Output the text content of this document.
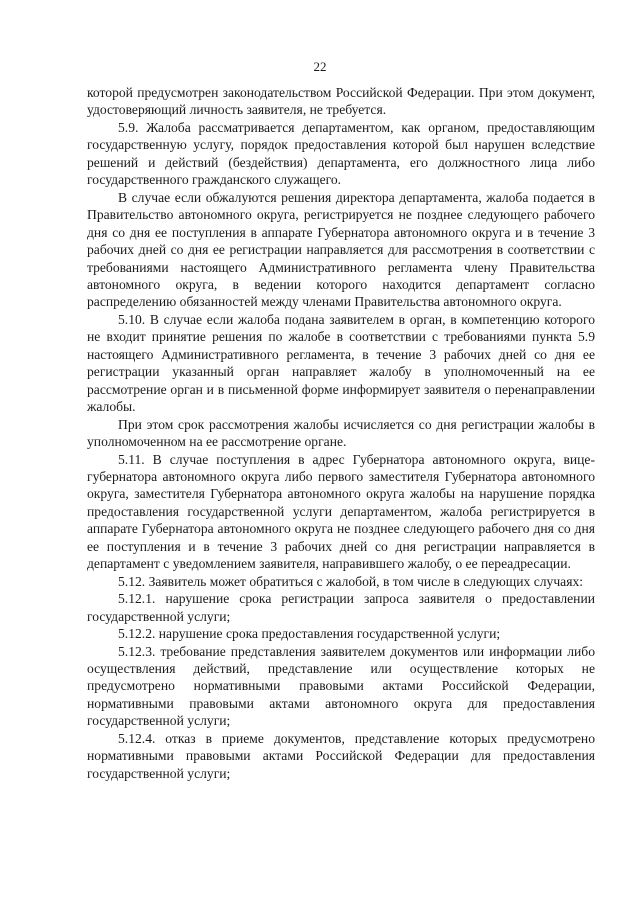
22

которой предусмотрен законодательством Российской Федерации. При этом документ, удостоверяющий личность заявителя, не требуется.

5.9. Жалоба рассматривается департаментом, как органом, предоставляющим государственную услугу, порядок предоставления которой был нарушен вследствие решений и действий (бездействия) департамента, его должностного лица либо государственного гражданского служащего.

В случае если обжалуются решения директора департамента, жалоба подается в Правительство автономного округа, регистрируется не позднее следующего рабочего дня со дня ее поступления в аппарате Губернатора автономного округа и в течение 3 рабочих дней со дня ее регистрации направляется для рассмотрения в соответствии с требованиями настоящего Административного регламента члену Правительства автономного округа, в ведении которого находится департамент согласно распределению обязанностей между членами Правительства автономного округа.

5.10. В случае если жалоба подана заявителем в орган, в компетенцию которого не входит принятие решения по жалобе в соответствии с требованиями пункта 5.9 настоящего Административного регламента, в течение 3 рабочих дней со дня ее регистрации указанный орган направляет жалобу в уполномоченный на ее рассмотрение орган и в письменной форме информирует заявителя о перенаправлении жалобы.

При этом срок рассмотрения жалобы исчисляется со дня регистрации жалобы в уполномоченном на ее рассмотрение органе.

5.11. В случае поступления в адрес Губернатора автономного округа, вице-губернатора автономного округа либо первого заместителя Губернатора автономного округа, заместителя Губернатора автономного округа жалобы на нарушение порядка предоставления государственной услуги департаментом, жалоба регистрируется в аппарате Губернатора автономного округа не позднее следующего рабочего дня со дня ее поступления и в течение 3 рабочих дней со дня регистрации направляется в департамент с уведомлением заявителя, направившего жалобу, о ее переадресации.

5.12. Заявитель может обратиться с жалобой, в том числе в следующих случаях:

5.12.1. нарушение срока регистрации запроса заявителя о предоставлении государственной услуги;

5.12.2. нарушение срока предоставления государственной услуги;

5.12.3. требование представления заявителем документов или информации либо осуществления действий, представление или осуществление которых не предусмотрено нормативными правовыми актами Российской Федерации, нормативными правовыми актами автономного округа для предоставления государственной услуги;

5.12.4. отказ в приеме документов, представление которых предусмотрено нормативными правовыми актами Российской Федерации для предоставления государственной услуги;
